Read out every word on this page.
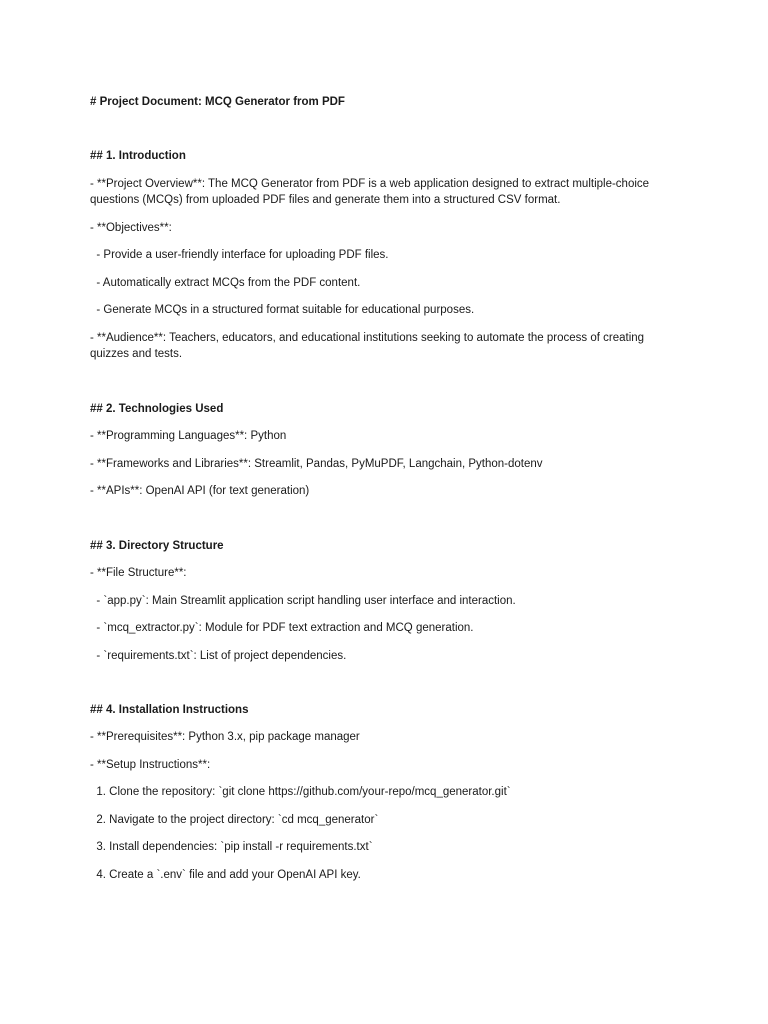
# Project Document: MCQ Generator from PDF
## 1. Introduction
- **Project Overview**: The MCQ Generator from PDF is a web application designed to extract multiple-choice questions (MCQs) from uploaded PDF files and generate them into a structured CSV format.
- **Objectives**:
- Provide a user-friendly interface for uploading PDF files.
- Automatically extract MCQs from the PDF content.
- Generate MCQs in a structured format suitable for educational purposes.
- **Audience**: Teachers, educators, and educational institutions seeking to automate the process of creating quizzes and tests.
## 2. Technologies Used
- **Programming Languages**: Python
- **Frameworks and Libraries**: Streamlit, Pandas, PyMuPDF, Langchain, Python-dotenv
- **APIs**: OpenAI API (for text generation)
## 3. Directory Structure
- **File Structure**:
- `app.py`: Main Streamlit application script handling user interface and interaction.
- `mcq_extractor.py`: Module for PDF text extraction and MCQ generation.
- `requirements.txt`: List of project dependencies.
## 4. Installation Instructions
- **Prerequisites**: Python 3.x, pip package manager
- **Setup Instructions**:
1. Clone the repository: `git clone https://github.com/your-repo/mcq_generator.git`
2. Navigate to the project directory: `cd mcq_generator`
3. Install dependencies: `pip install -r requirements.txt`
4. Create a `.env` file and add your OpenAI API key.
